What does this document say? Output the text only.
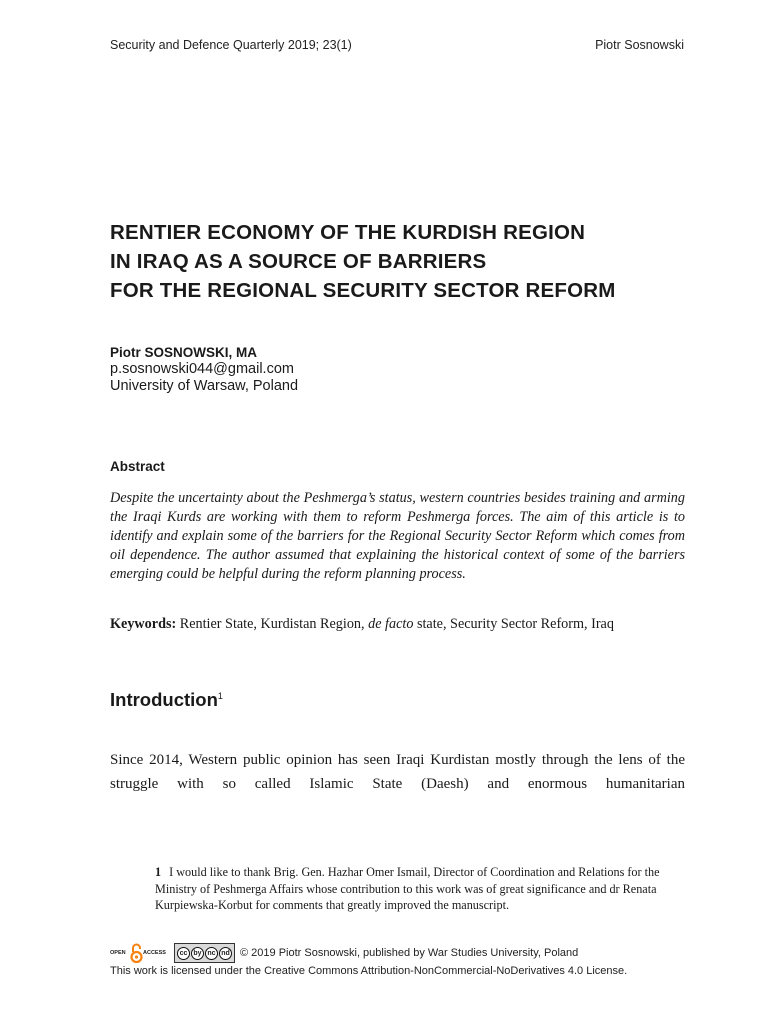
Security and Defence Quarterly 2019; 23(1)	Piotr Sosnowski
RENTIER ECONOMY OF THE KURDISH REGION
IN IRAQ AS A SOURCE OF BARRIERS
FOR THE REGIONAL SECURITY SECTOR REFORM
Piotr SOSNOWSKI, MA
p.sosnowski044@gmail.com
University of Warsaw, Poland
Abstract
Despite the uncertainty about the Peshmerga’s status, western countries besides training and arming the Iraqi Kurds are working with them to reform Peshmerga forces. The aim of this article is to identify and explain some of the barriers for the Regional Security Sector Reform which comes from oil dependence. The author assumed that explaining the historical context of some of the barriers emerging could be helpful during the reform planning process.
Keywords: Rentier State, Kurdistan Region, de facto state, Security Sector Reform, Iraq
Introduction$^1$
Since 2014, Western public opinion has seen Iraqi Kurdistan mostly through the lens of the struggle with so called Islamic State (Daesh) and enormous humanitarian
1 I would like to thank Brig. Gen. Hazhar Omer Ismail, Director of Coordination and Relations for the Ministry of Peshmerga Affairs whose contribution to this work was of great significance and dr Renata Kurpiewska-Korbut for comments that greatly improved the manuscript.
OPEN	ACCESS	cc by nc nd © 2019 Piotr Sosnowski, published by War Studies University, Poland
This work is licensed under the Creative Commons Attribution-NonCommercial-NoDerivatives 4.0 License.
